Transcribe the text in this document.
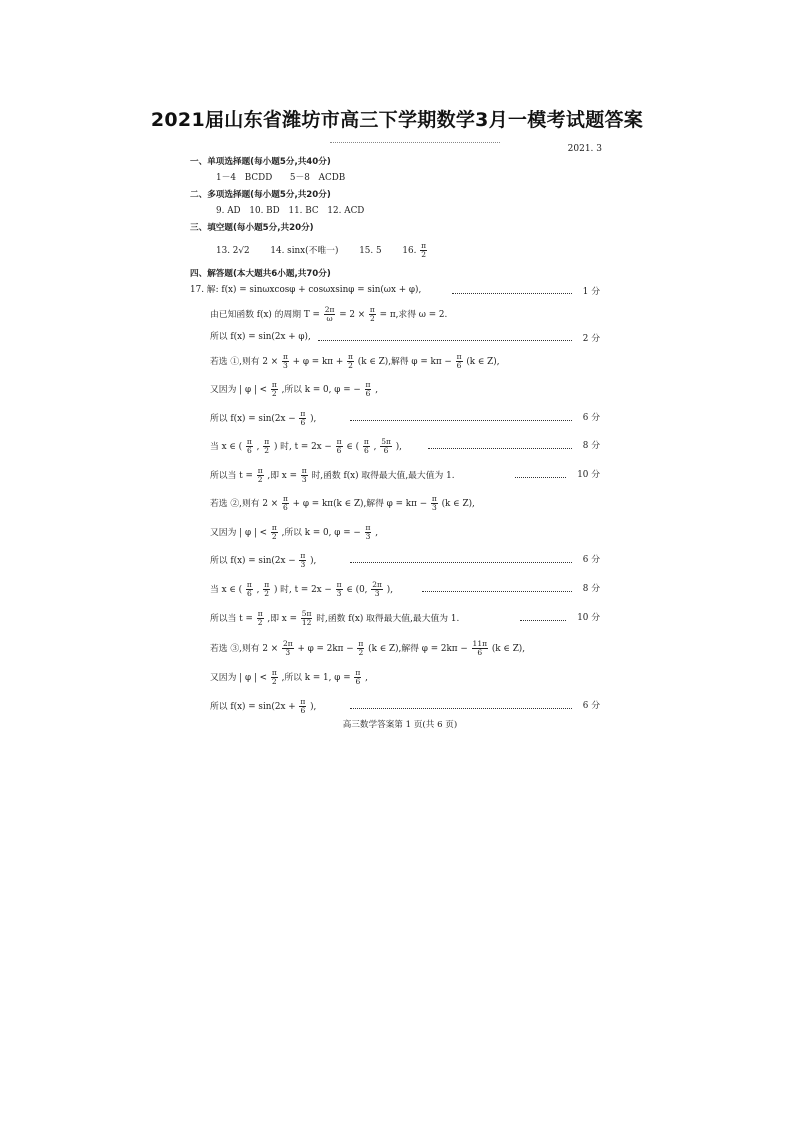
2021届山东省潍坊市高三下学期数学3月一模考试题答案
2021. 3
一、单项选择题(每小题5分,共40分)
1－4　BCDD　　5－8　ACDB
二、多项选择题(每小题5分,共20分)
9. AD　10. BD　11. BC　12. ACD
三、填空题(每小题5分,共20分)
13. 2√2 14. sinx(不唯一) 15. 5 16. $\frac{\pi}{2}$
四、解答题(本大题共6小题,共70分)
17. 解: f(x) = sinωxcosφ + cosωxsinφ = sin(ωx + φ),	1 分
由已知函数 f(x) 的周期 $T = \frac{2\pi}{\omega} = 2 \times \frac{\pi}{2} = \pi$,求得 ω = 2.
所以 f(x) = sin(2x + φ),	2 分
若选 ①,则有 $2 \times \frac{\pi}{3} + \varphi = k\pi + \frac{\pi}{2} (k$ ∈ Z),解得 $\varphi = k\pi - \frac{\pi}{6} (k$ ∈ Z),
又因为 | φ | < $\frac{\pi}{2}$ ,所以 k = 0, φ = − $\frac{\pi}{6}$ ,
所以 $f(x) = \sin(2x - \frac{\pi}{6}$ ),	6 分
当 x ∈ ( $\frac{\pi}{6}$ , $\frac{\pi}{2}$ ) 时, $t = 2x - \frac{\pi}{6}$ ∈ ( $\frac{\pi}{6}$ , $\frac{5\pi}{6}$ ),	8 分
所以当 $t = \frac{\pi}{2}$ ,即 $x = \frac{\pi}{3}$ 时,函数 f(x) 取得最大值,最大值为 1.	10 分
若选 ②,则有 $2 \times \frac{\pi}{6} + \varphi = k\pi(k$ ∈ Z),解得 $\varphi = k\pi - \frac{\pi}{3} (k$ ∈ Z),
又因为 | φ | < $\frac{\pi}{2}$ ,所以 k = 0, φ = − $\frac{\pi}{3}$ ,
所以 $f(x) = \sin(2x - \frac{\pi}{3}$ ),	6 分
当 x ∈ ( $\frac{\pi}{6}$ , $\frac{\pi}{2}$ ) 时, $t = 2x - \frac{\pi}{3}$ ∈ (0, $\frac{2\pi}{3}$ ),	8 分
所以当 $t = \frac{\pi}{2}$ ,即 $x = \frac{5\pi}{12}$ 时,函数 f(x) 取得最大值,最大值为 1.	10 分
若选 ③,则有 $2 \times \frac{2\pi}{3} + \varphi = 2k\pi - \frac{\pi}{2} (k$ ∈ Z),解得 $\varphi = 2k\pi - \frac{11\pi}{6} (k$ ∈ Z),
又因为 | φ | < $\frac{\pi}{2}$ ,所以 k = 1, $\varphi = \frac{\pi}{6}$ ,
所以 $f(x) = \sin(2x + \frac{\pi}{6}$ ),	6 分
高三数学答案第 1 页(共 6 页)
